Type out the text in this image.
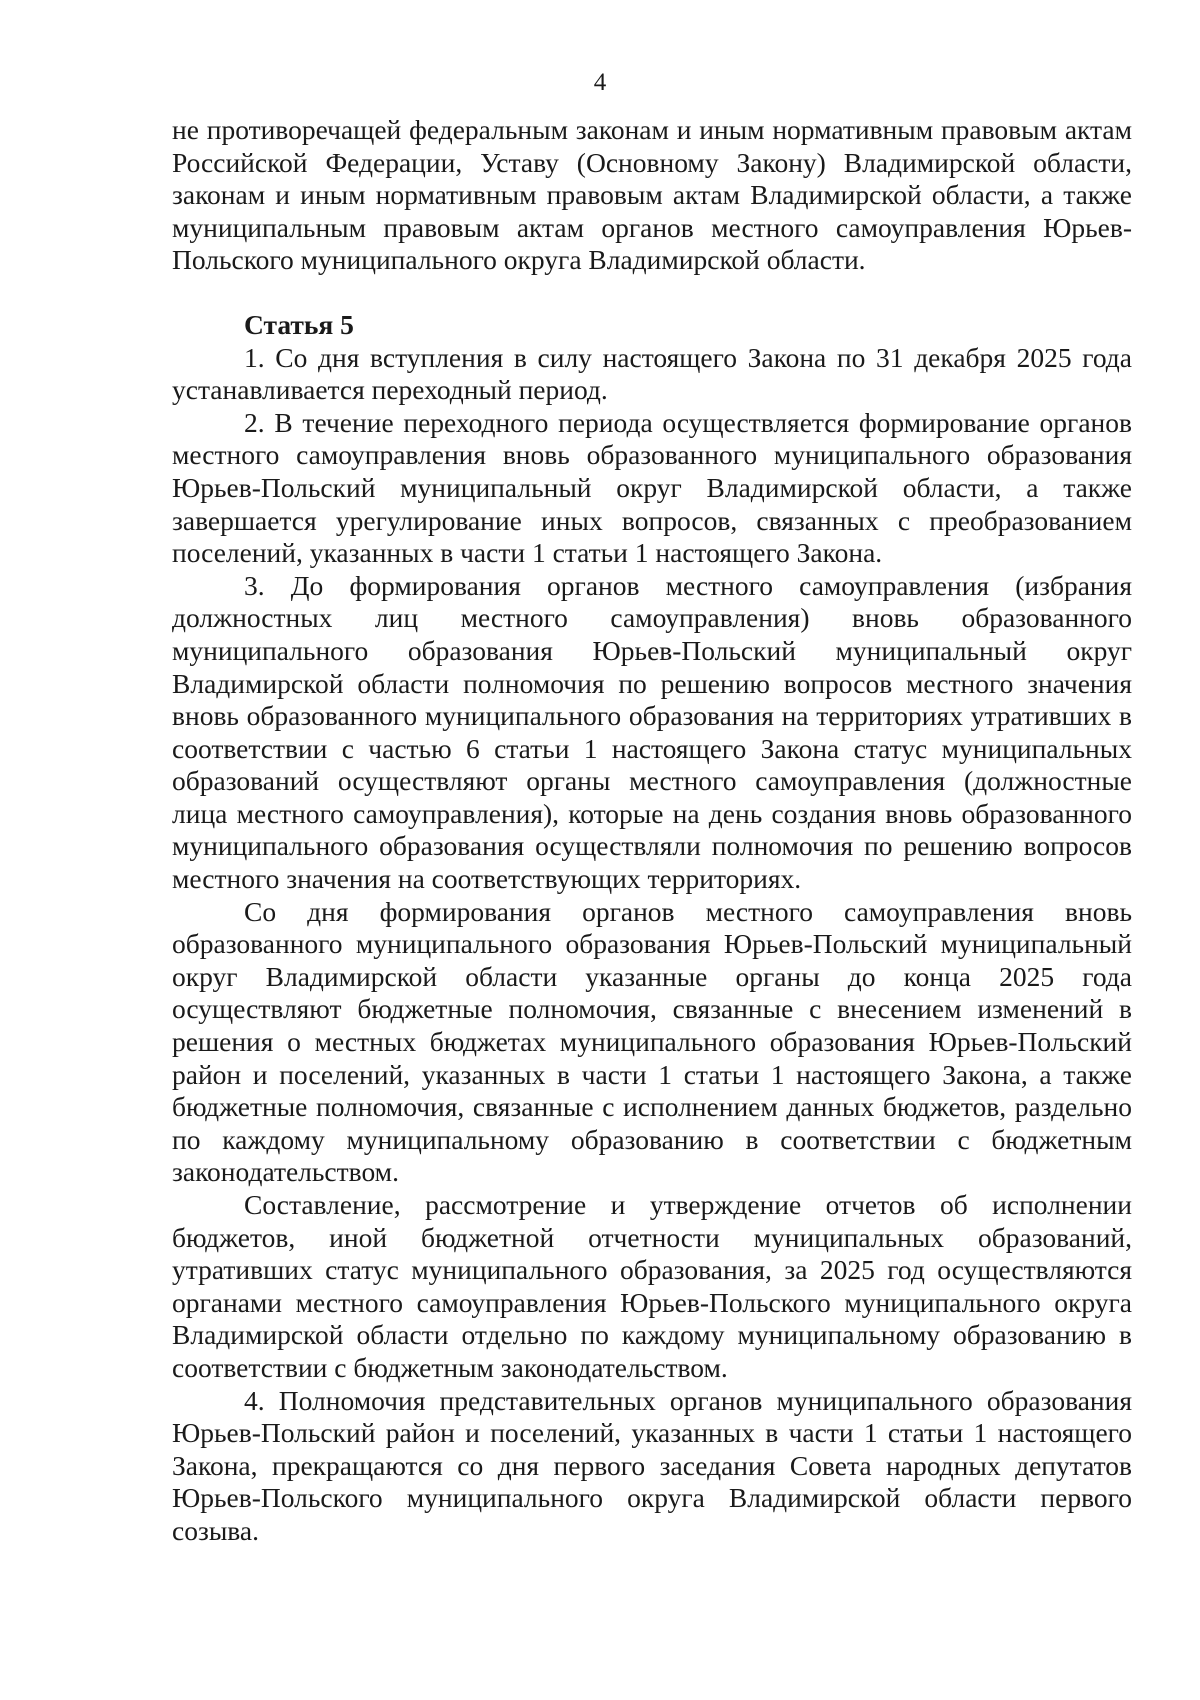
4

не противоречащей федеральным законам и иным нормативным правовым актам Российской Федерации, Уставу (Основному Закону) Владимирской области, законам и иным нормативным правовым актам Владимирской области, а также муниципальным правовым актам органов местного самоуправления Юрьев-Польского муниципального округа Владимирской области.

Статья 5

1. Со дня вступления в силу настоящего Закона по 31 декабря 2025 года устанавливается переходный период.

2. В течение переходного периода осуществляется формирование органов местного самоуправления вновь образованного муниципального образования Юрьев-Польский муниципальный округ Владимирской области, а также завершается урегулирование иных вопросов, связанных с преобразованием поселений, указанных в части 1 статьи 1 настоящего Закона.

3. До формирования органов местного самоуправления (избрания должностных лиц местного самоуправления) вновь образованного муниципального образования Юрьев-Польский муниципальный округ Владимирской области полномочия по решению вопросов местного значения вновь образованного муниципального образования на территориях утративших в соответствии с частью 6 статьи 1 настоящего Закона статус муниципальных образований осуществляют органы местного самоуправления (должностные лица местного самоуправления), которые на день создания вновь образованного муниципального образования осуществляли полномочия по решению вопросов местного значения на соответствующих территориях.

Со дня формирования органов местного самоуправления вновь образованного муниципального образования Юрьев-Польский муниципальный округ Владимирской области указанные органы до конца 2025 года осуществляют бюджетные полномочия, связанные с внесением изменений в решения о местных бюджетах муниципального образования Юрьев-Польский район и поселений, указанных в части 1 статьи 1 настоящего Закона, а также бюджетные полномочия, связанные с исполнением данных бюджетов, раздельно по каждому муниципальному образованию в соответствии с бюджетным законодательством.

Составление, рассмотрение и утверждение отчетов об исполнении бюджетов, иной бюджетной отчетности муниципальных образований, утративших статус муниципального образования, за 2025 год осуществляются органами местного самоуправления Юрьев-Польского муниципального округа Владимирской области отдельно по каждому муниципальному образованию в соответствии с бюджетным законодательством.

4. Полномочия представительных органов муниципального образования Юрьев-Польский район и поселений, указанных в части 1 статьи 1 настоящего Закона, прекращаются со дня первого заседания Совета народных депутатов Юрьев-Польского муниципального округа Владимирской области первого созыва.
